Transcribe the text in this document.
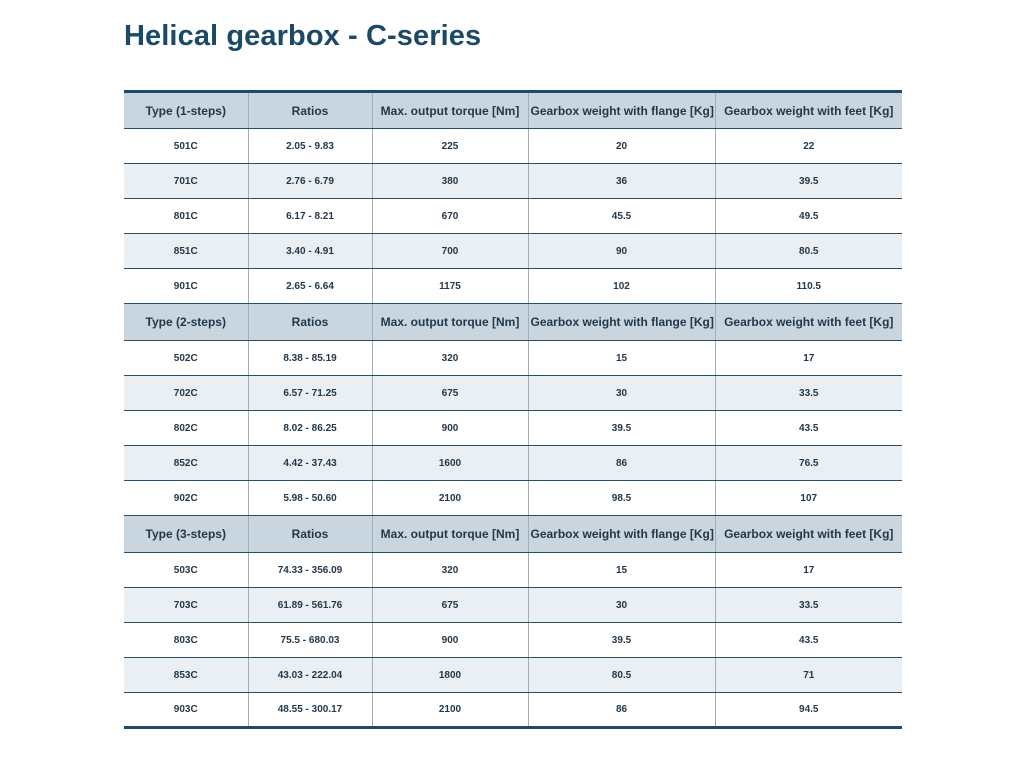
Helical gearbox - C-series
Type (1-steps)	Ratios	Max. output torque [Nm]	Gearbox weight with flange [Kg]	Gearbox weight with feet [Kg]
501C	2.05 - 9.83	225	20	22
701C	2.76 - 6.79	380	36	39.5
801C	6.17 - 8.21	670	45.5	49.5
851C	3.40 - 4.91	700	90	80.5
901C	2.65 - 6.64	1175	102	110.5
Type (2-steps)	Ratios	Max. output torque [Nm]	Gearbox weight with flange [Kg]	Gearbox weight with feet [Kg]
502C	8.38 - 85.19	320	15	17
702C	6.57 - 71.25	675	30	33.5
802C	8.02 - 86.25	900	39.5	43.5
852C	4.42 - 37.43	1600	86	76.5
902C	5.98 - 50.60	2100	98.5	107
Type (3-steps)	Ratios	Max. output torque [Nm]	Gearbox weight with flange [Kg]	Gearbox weight with feet [Kg]
503C	74.33 - 356.09	320	15	17
703C	61.89 - 561.76	675	30	33.5
803C	75.5 - 680.03	900	39.5	43.5
853C	43.03 - 222.04	1800	80.5	71
903C	48.55 - 300.17	2100	86	94.5
